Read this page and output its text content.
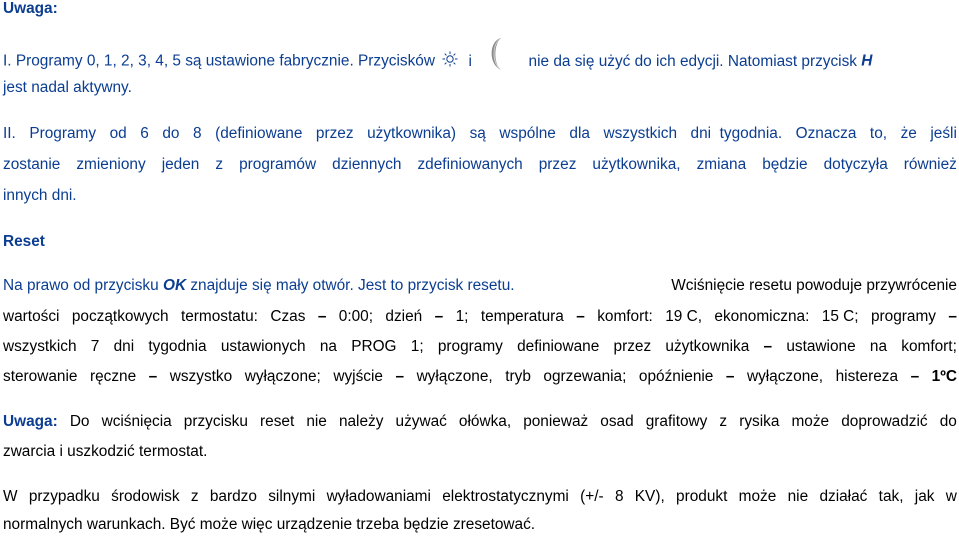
Uwaga:
I. Programy 0, 1, 2, 3, 4, 5 są ustawione fabrycznie. Przycisków i	nie da się użyć do ich edycji. Natomiast przycisk H
jest nadal aktywny.
II. Programy od 6 do 8 (definiowane przez użytkownika) są wspólne dla wszystkich dni  tygodnia. Oznacza to, że jeśli
zostanie zmieniony jeden z programów dziennych zdefiniowanych przez użytkownika, zmiana będzie dotyczyła również
innych dni.
Reset
Na prawo od przycisku OK znajduje się mały otwór. Jest to przycisk resetu.	Wciśnięcie resetu powoduje przywrócenie
wartości początkowych termostatu: Czas – 0:00; dzień – 1; temperatura – komfort: 19 C, ekonomiczna: 15 C; programy –
wszystkich 7 dni tygodnia ustawionych na PROG 1; programy definiowane przez użytkownika – ustawione na komfort;
sterowanie ręczne – wszystko wyłączone; wyjście – wyłączone, tryb ogrzewania; opóźnienie – wyłączone, histereza – 1ºC
Uwaga: Do wciśnięcia przycisku reset nie należy używać ołówka, ponieważ osad grafitowy z rysika może doprowadzić do
zwarcia i uszkodzić termostat.
W przypadku środowisk z bardzo silnymi wyładowaniami elektrostatycznymi (+/- 8 KV), produkt może nie działać tak, jak w
normalnych warunkach. Być może więc urządzenie trzeba będzie zresetować.
